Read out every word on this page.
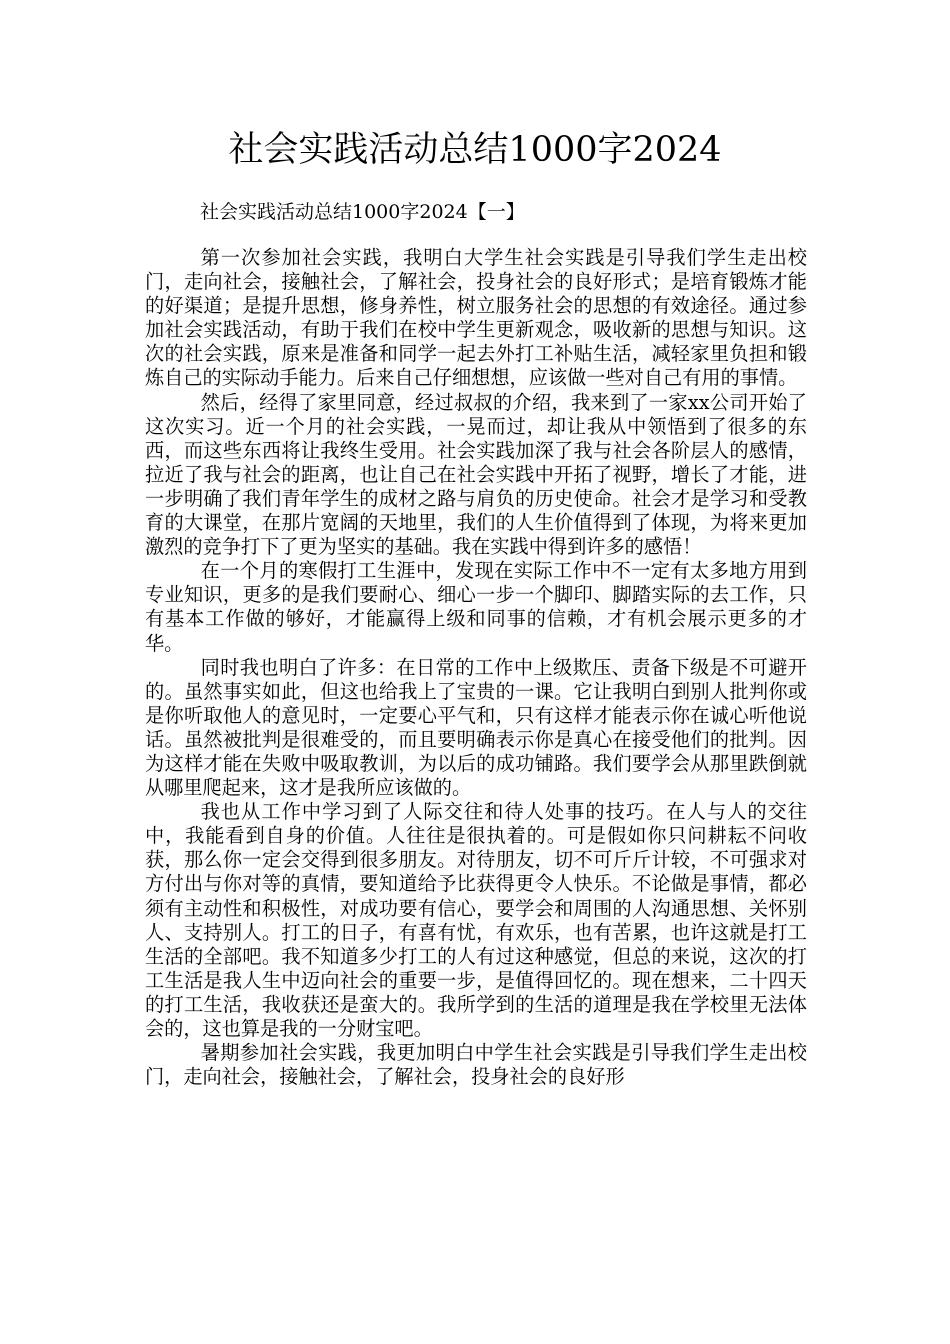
社会实践活动总结1000字2024
社会实践活动总结1000字2024【一】

第一次参加社会实践，我明白大学生社会实践是引导我们学生走出校门，走向社会，接触社会，了解社会，投身社会的良好形式；是培育锻炼才能的好渠道；是提升思想，修身养性，树立服务社会的思想的有效途径。通过参加社会实践活动，有助于我们在校中学生更新观念，吸收新的思想与知识。这次的社会实践，原来是准备和同学一起去外打工补贴生活，减轻家里负担和锻炼自己的实际动手能力。后来自己仔细想想，应该做一些对自己有用的事情。

然后，经得了家里同意，经过叔叔的介绍，我来到了一家xx公司开始了这次实习。近一个月的社会实践，一晃而过，却让我从中领悟到了很多的东西，而这些东西将让我终生受用。社会实践加深了我与社会各阶层人的感情，拉近了我与社会的距离，也让自己在社会实践中开拓了视野，增长了才能，进一步明确了我们青年学生的成材之路与肩负的历史使命。社会才是学习和受教育的大课堂，在那片宽阔的天地里，我们的人生价值得到了体现，为将来更加激烈的竞争打下了更为坚实的基础。我在实践中得到许多的感悟！

在一个月的寒假打工生涯中，发现在实际工作中不一定有太多地方用到专业知识，更多的是我们要耐心、细心一步一个脚印、脚踏实际的去工作，只有基本工作做的够好，才能赢得上级和同事的信赖，才有机会展示更多的才华。

同时我也明白了许多：在日常的工作中上级欺压、责备下级是不可避开的。虽然事实如此，但这也给我上了宝贵的一课。它让我明白到别人批判你或是你听取他人的意见时，一定要心平气和，只有这样才能表示你在诚心听他说话。虽然被批判是很难受的，而且要明确表示你是真心在接受他们的批判。因为这样才能在失败中吸取教训，为以后的成功铺路。我们要学会从那里跌倒就从哪里爬起来，这才是我所应该做的。

我也从工作中学习到了人际交往和待人处事的技巧。在人与人的交往中，我能看到自身的价值。人往往是很执着的。可是假如你只问耕耘不问收获，那么你一定会交得到很多朋友。对待朋友，切不可斤斤计较，不可强求对方付出与你对等的真情，要知道给予比获得更令人快乐。不论做是事情，都必须有主动性和积极性，对成功要有信心，要学会和周围的人沟通思想、关怀别人、支持别人。打工的日子，有喜有忧，有欢乐，也有苦累，也许这就是打工生活的全部吧。我不知道多少打工的人有过这种感觉，但总的来说，这次的打工生活是我人生中迈向社会的重要一步，是值得回忆的。现在想来，二十四天的打工生活，我收获还是蛮大的。我所学到的生活的道理是我在学校里无法体会的，这也算是我的一分财宝吧。

暑期参加社会实践，我更加明白中学生社会实践是引导我们学生走出校门，走向社会，接触社会，了解社会，投身社会的良好形
